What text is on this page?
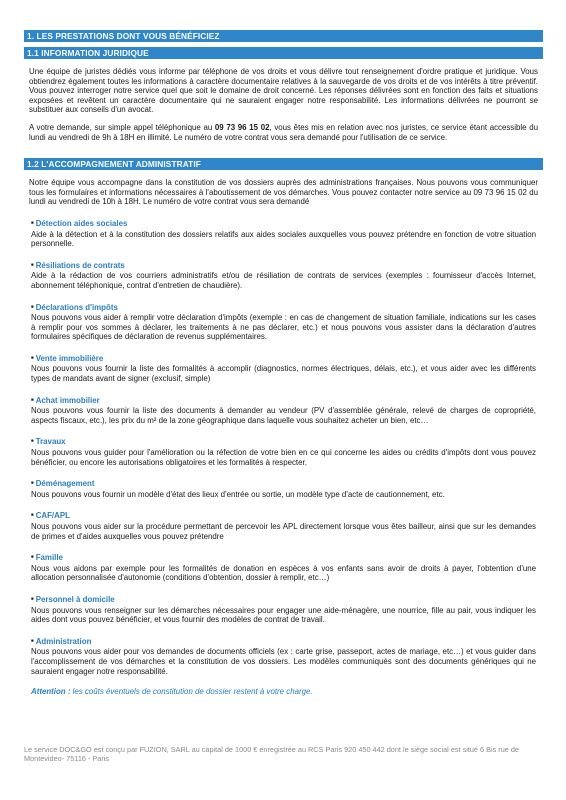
1. LES PRESTATIONS DONT VOUS BÉNÉFICIEZ
1.1 INFORMATION JURIDIQUE

Une équipe de juristes dédiés vous informe par téléphone de vos droits et vous délivre tout renseignement d'ordre pratique et juridique. Vous obtiendrez également toutes les informations à caractère documentaire relatives à la sauvegarde de vos droits et de vos intérêts à titre préventif. Vous pouvez interroger notre service quel que soit le domaine de droit concerné. Les réponses délivrées sont en fonction des faits et situations exposées et revêtent un caractère documentaire qui ne sauraient engager notre responsabilité. Les informations délivrées ne pourront se substituer aux conseils d'un avocat.

A votre demande, sur simple appel téléphonique au 09 73 96 15 02, vous êtes mis en relation avec nos juristes, ce service étant accessible du lundi au vendredi de 9h à 18H en illimité. Le numéro de votre contrat vous sera demandé pour l'utilisation de ce service.

1.2 L'ACCOMPAGNEMENT ADMINISTRATIF

Notre équipe vous accompagne dans la constitution de vos dossiers auprès des administrations françaises. Nous pouvons vous communiquer tous les formulaires et informations nécessaires à l'aboutissement de vos démarches. Vous pouvez contacter notre service au 09 73 96 15 02 du lundi au vendredi de 10h à 18H. Le numéro de votre contrat vous sera demandé

■ Détection aides sociales

Aide à la détection et à la constitution des dossiers relatifs aux aides sociales auxquelles vous pouvez prétendre en fonction de votre situation personnelle.

■ Résiliations de contrats

Aide à la rédaction de vos courriers administratifs et/ou de résiliation de contrats de services (exemples : fournisseur d'accès Internet, abonnement téléphonique, contrat d'entretien de chaudière).

■ Déclarations d'impôts

Nous pouvons vous aider à remplir votre déclaration d'impôts (exemple : en cas de changement de situation familiale, indications sur les cases à remplir pour vos sommes à déclarer, les traitements à ne pas déclarer, etc.) et nous pouvons vous assister dans la déclaration d'autres formulaires spécifiques de déclaration de revenus supplémentaires.

■ Vente immobilière

Nous pouvons vous fournir la liste des formalités à accomplir (diagnostics, normes électriques, délais, etc.), et vous aider avec les différents types de mandats avant de signer (exclusif, simple)

■ Achat immobilier

Nous pouvons vous fournir la liste des documents à demander au vendeur (PV d'assemblée générale, relevé de charges de copropriété, aspects fiscaux, etc.), les prix du m² de la zone géographique dans laquelle vous souhaitez acheter un bien, etc…

■ Travaux

Nous pouvons vous guider pour l'amélioration ou la réfection de votre bien en ce qui concerne les aides ou crédits d'impôts dont vous pouvez bénéficier, ou encore les autorisations obligatoires et les formalités à respecter.

■ Déménagement

Nous pouvons vous fournir un modèle d'état des lieux d'entrée ou sortie, un modèle type d'acte de cautionnement, etc.

■ CAF/APL

Nous pouvons vous aider sur la procédure permettant de percevoir les APL directement lorsque vous êtes bailleur, ainsi que sur les demandes de primes et d'aides auxquelles vous pouvez prétendre

■ Famille

Nous vous aidons par exemple pour les formalités de donation en espèces à vos enfants sans avoir de droits à payer, l'obtention d'une allocation personnalisée d'autonomie (conditions d'obtention, dossier à remplir, etc…)

■ Personnel à domicile

Nous pouvons vous renseigner sur les démarches nécessaires pour engager une aide-ménagère, une nourrice, fille au pair, vous indiquer les aides dont vous pouvez bénéficier, et vous fournir des modèles de contrat de travail.

■ Administration

Nous pouvons vous aider pour vos demandes de documents officiels (ex : carte grise, passeport, actes de mariage, etc…) et vous guider dans l'accomplissement de vos démarches et la constitution de vos dossiers. Les modèles communiqués sont des documents génériques qui ne sauraient engager notre responsabilité.

Attention : les coûts éventuels de constitution de dossier restent à votre charge.
Le service DOC&GO est conçu par FUZION, SARL au capital de 1000 € enregistrée au RCS Paris 920 450 442 dont le siège social est situé 6 Bis rue de Montevideo- 75116 - Paris
